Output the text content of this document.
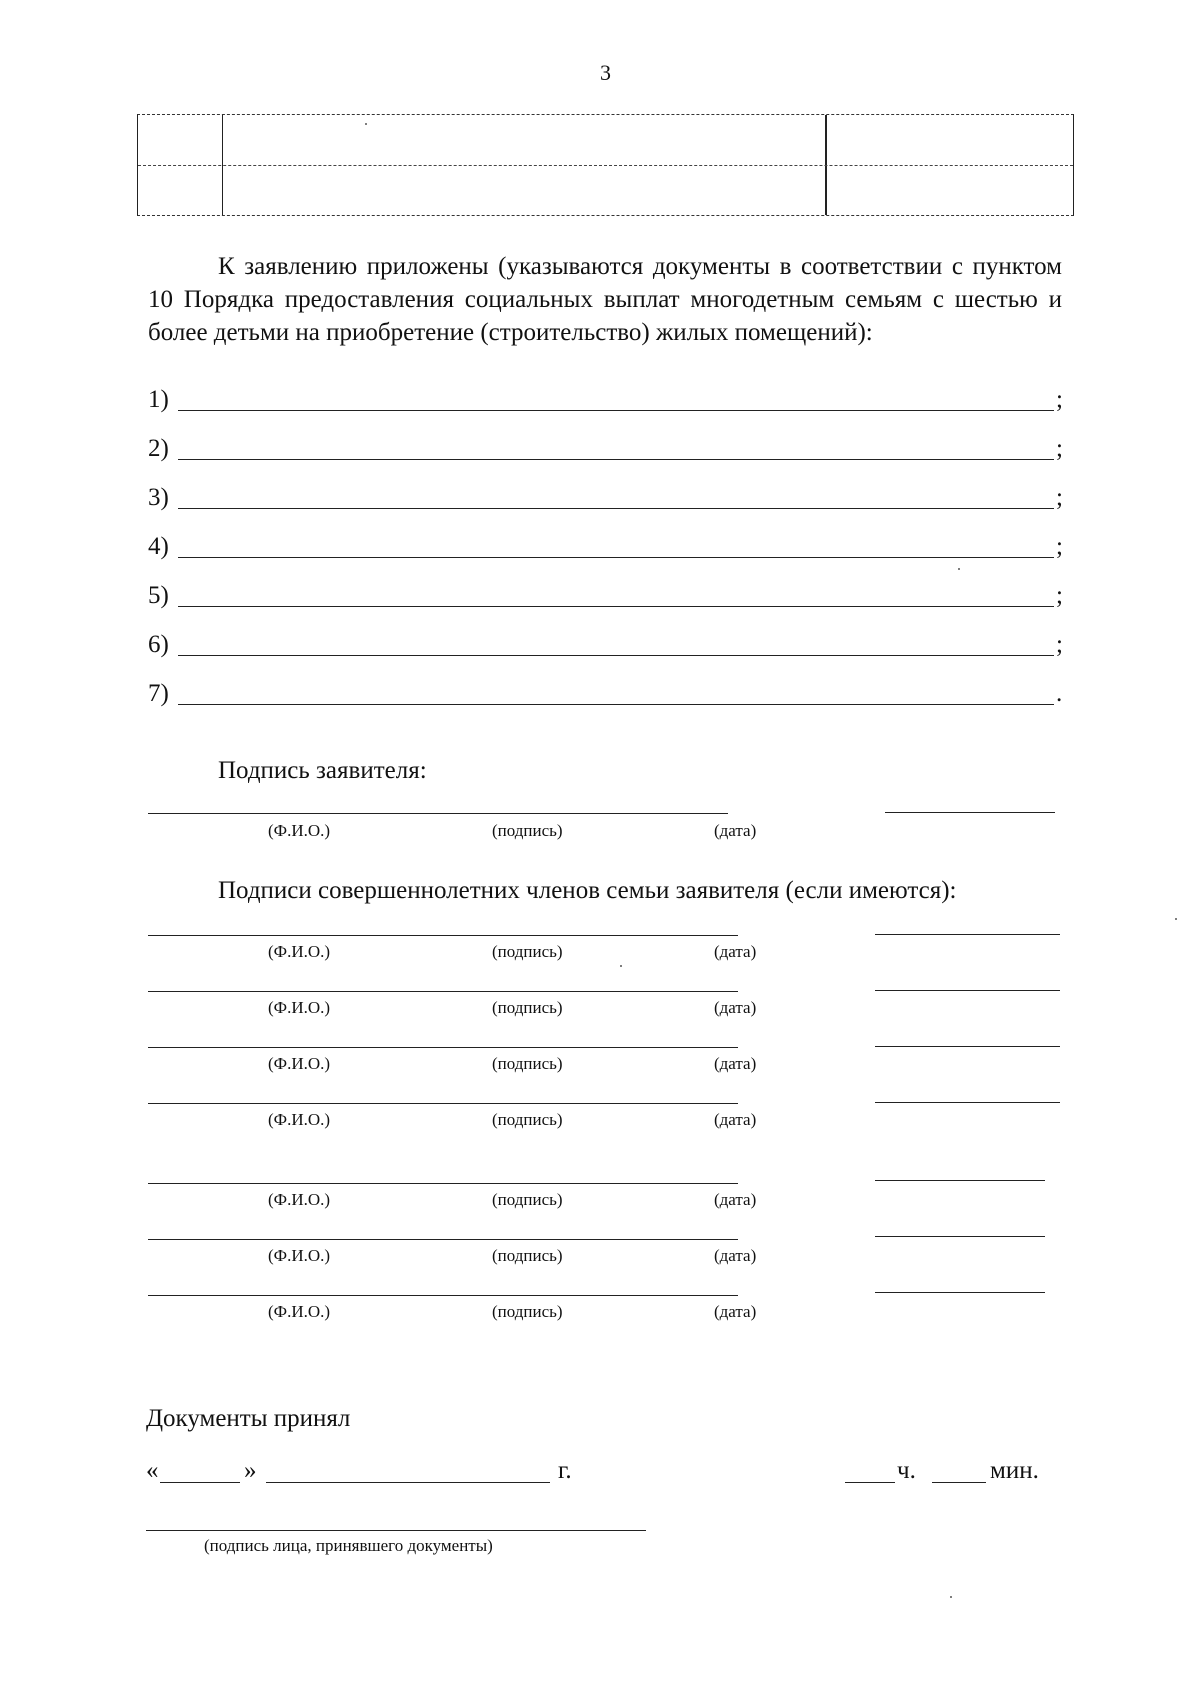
3
К заявлению приложены (указываются документы в соответствии с пунктом 10 Порядка предоставления социальных выплат многодетным семьям с шестью и более детьми на приобретение (строительство) жилых помещений):
1)	;
2)	;
3)	;
4)	;
5)	;
6)	;
7)	.
Подпись заявителя:
(Ф.И.О.)	(подпись)	(дата)
Подписи совершеннолетних членов семьи заявителя (если имеются):
(Ф.И.О.)	(подпись)	(дата)
(Ф.И.О.)	(подпись)	(дата)
(Ф.И.О.)	(подпись)	(дата)
(Ф.И.О.)	(подпись)	(дата)
(Ф.И.О.)	(подпись)	(дата)
(Ф.И.О.)	(подпись)	(дата)
(Ф.И.О.)	(подпись)	(дата)
Документы принял
«	»	г.	ч.	мин.
(подпись лица, принявшего документы)
